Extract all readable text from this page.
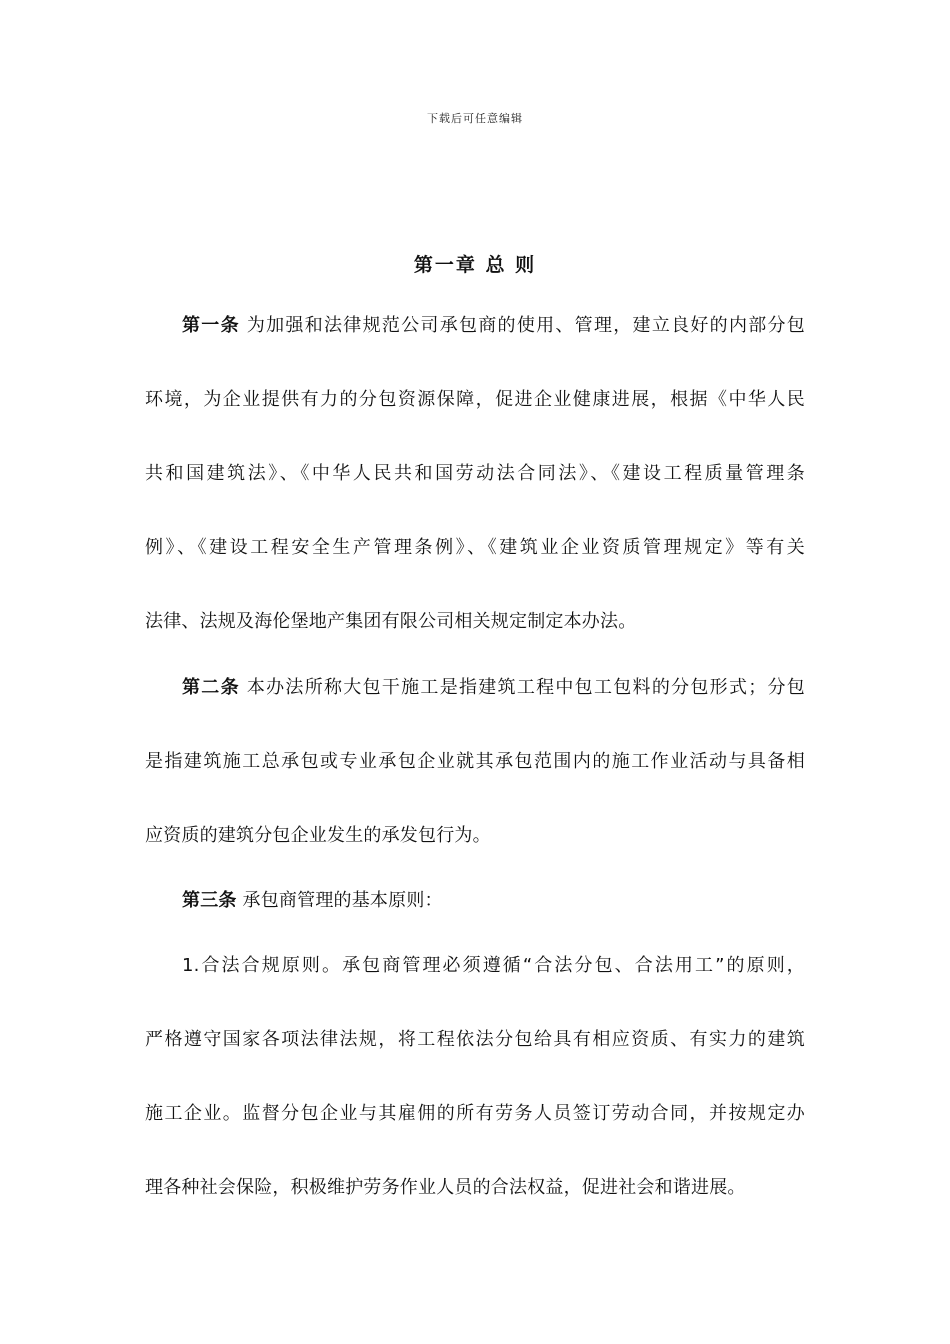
下载后可任意编辑
第一章 总 则
第一条 为加强和法律规范公司承包商的使用、管理，建立良好的内部分包
环境，为企业提供有力的分包资源保障，促进企业健康进展，根据《中华人民
共和国建筑法》、《中华人民共和国劳动法合同法》、《建设工程质量管理条
例》、《建设工程安全生产管理条例》、《建筑业企业资质管理规定》等有关
法律、法规及海伦堡地产集团有限公司相关规定制定本办法。
第二条 本办法所称大包干施工是指建筑工程中包工包料的分包形式；分包
是指建筑施工总承包或专业承包企业就其承包范围内的施工作业活动与具备相
应资质的建筑分包企业发生的承发包行为。
第三条 承包商管理的基本原则：
1.合法合规原则。承包商管理必须遵循“合法分包、合法用工”的原则，
严格遵守国家各项法律法规，将工程依法分包给具有相应资质、有实力的建筑
施工企业。监督分包企业与其雇佣的所有劳务人员签订劳动合同，并按规定办
理各种社会保险，积极维护劳务作业人员的合法权益，促进社会和谐进展。
